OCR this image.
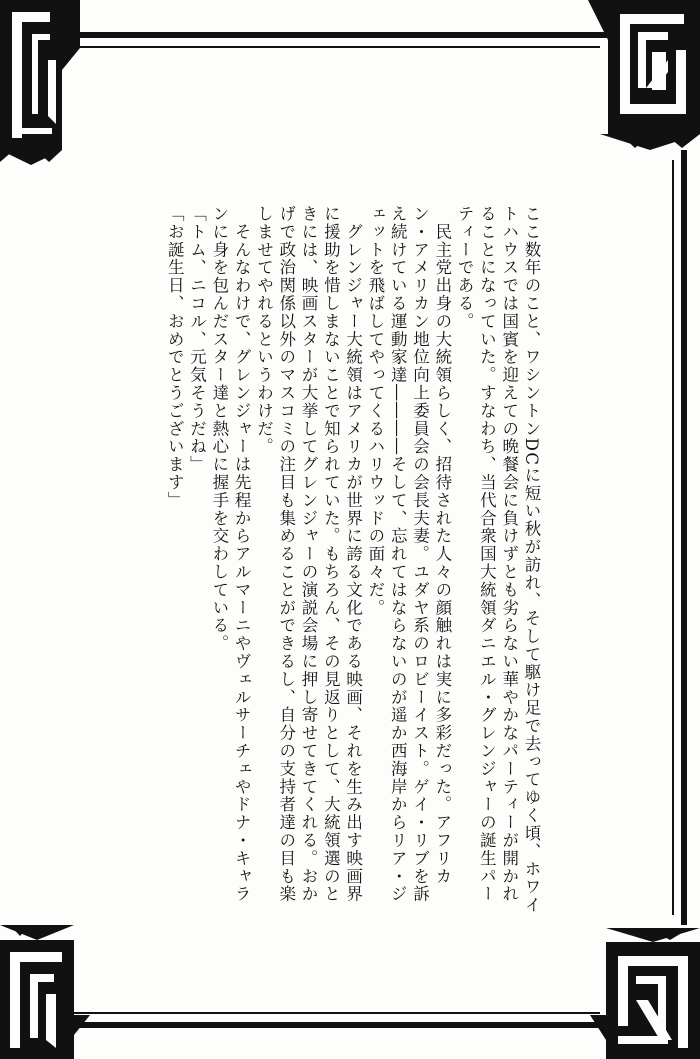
ここ数年のこと、ワシントンDCに短い秋が訪れ、そして駆け足で去ってゆく頃、ホワイトハウスでは国賓を迎えての晩餐会に負けずとも劣らない華やかなパーティーが開かれることになっていた。すなわち、当代合衆国大統領ダニエル・グレンジャーの誕生パーティーである。
　民主党出身の大統領らしく、招待された人々の顔触れは実に多彩だった。アフリカン・アメリカン地位向上委員会の会長夫妻。ユダヤ系のロビーイスト。ゲイ・リブを訴え続けている運動家達――――そして、忘れてはならないのが遥か西海岸からリア・ジェットを飛ばしてやってくるハリウッドの面々だ。
　グレンジャー大統領はアメリカが世界に誇る文化である映画、それを生み出す映画界に援助を惜しまないことで知られていた。もちろん、その見返りとして、大統領選のときには、映画スターが大挙してグレンジャーの演説会場に押し寄せてきてくれる。おかげで政治関係以外のマスコミの注目も集めることができるし、自分の支持者達の目も楽しませてやれるというわけだ。
　そんなわけで、グレンジャーは先程からアルマーニやヴェルサーチェやドナ・キャランに身を包んだスター達と熱心に握手を交わしている。
「トム、ニコル、元気そうだね」
「お誕生日、おめでとうございます」
